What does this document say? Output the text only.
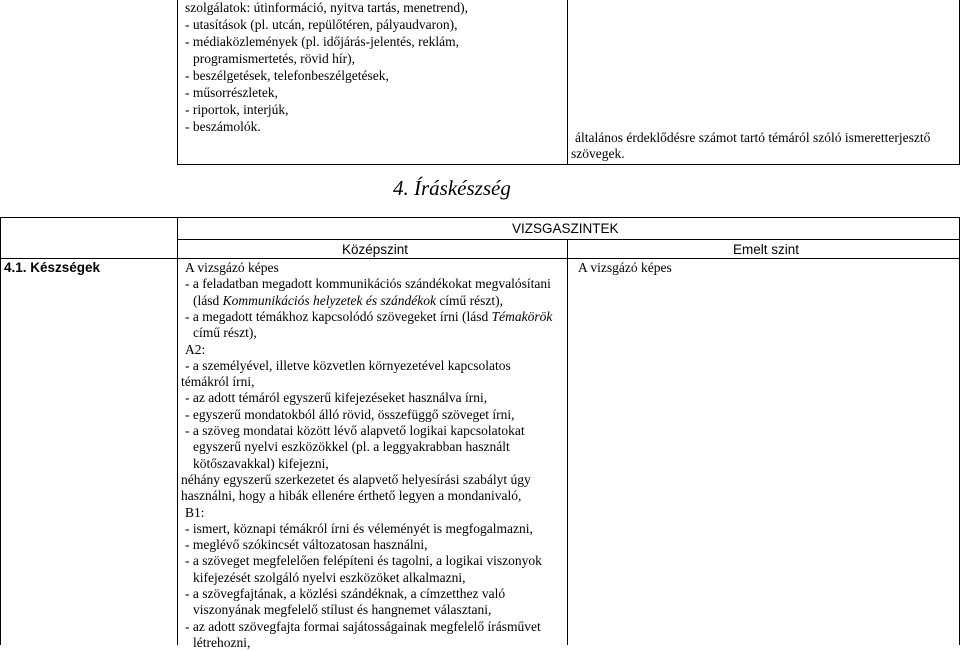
szolgálatok: útinformáció, nyitva tartás, menetrend),
- utasítások (pl. utcán, repülőtéren, pályaudvaron),
- médiaközlemények (pl. időjárás-jelentés, reklám,
programismertetés, rövid hír),
- beszélgetések, telefonbeszélgetések,
- műsorrészletek,
- riportok, interjúk,
- beszámolók.
általános érdeklődésre számot tartó témáról szóló ismeretterjesztő
szövegek.
4. Íráskészség
VIZSGASZINTEK
Középszint	Emelt szint
4.1. Készségek	A vizsgázó képes
- a feladatban megadott kommunikációs szándékokat megvalósítani
(lásd Kommunikációs helyzetek és szándékok című részt),
- a megadott témákhoz kapcsolódó szövegeket írni (lásd Témakörök
című részt),
A2:
- a személyével, illetve közvetlen környezetével kapcsolatos
témákról írni,
- az adott témáról egyszerű kifejezéseket használva írni,
- egyszerű mondatokból álló rövid, összefüggő szöveget írni,
- a szöveg mondatai között lévő alapvető logikai kapcsolatokat
egyszerű nyelvi eszközökkel (pl. a leggyakrabban használt
kötőszavakkal) kifejezni,
néhány egyszerű szerkezetet és alapvető helyesírási szabályt úgy
használni, hogy a hibák ellenére érthető legyen a mondanivaló,
B1:
- ismert, köznapi témákról írni és véleményét is megfogalmazni,
- meglévő szókincsét változatosan használni,
- a szöveget megfelelően felépíteni és tagolni, a logikai viszonyok
kifejezését szolgáló nyelvi eszközöket alkalmazni,
- a szövegfajtának, a közlési szándéknak, a címzetthez való
viszonyának megfelelő stílust és hangnemet választani,
- az adott szövegfajta formai sajátosságainak megfelelő írásművet
létrehozni,
A vizsgázó képes
